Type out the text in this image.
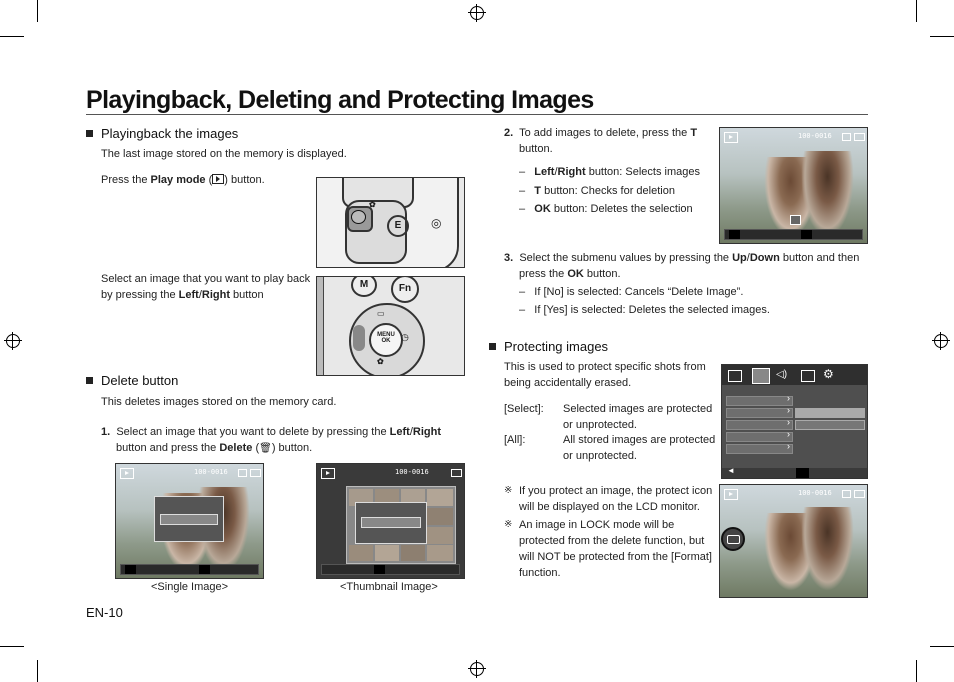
Playingback, Deleting and Protecting Images
Playingback the images
The last image stored on the memory is displayed.
Press the Play mode ( ) button.
✿
E	◎
Select an image that you want to play back
by pressing the Left/Right button
M	Fn
MENU
OK	◷
▭
✿
Delete button
This deletes images stored on the memory card.
1. Select an image that you want to delete by pressing the Left/Right
button and press the Delete (🗑) button.
100-0016	100-0016
<Single Image>	<Thumbnail Image>
EN-10
2. To add images to delete, press the T
button.
– Left/Right button: Selects images
– T button: Checks for deletion
– OK button: Deletes the selection
100-0016
3. Select the submenu values by pressing the Up/Down button and then
press the OK button.
– If [No] is selected: Cancels “Delete Image”.
– If [Yes] is selected: Deletes the selected images.
Protecting images
This is used to protect specific shots from
being accidentally erased.
[Select]: Selected images are protected
or unprotected.
[All]:	All stored images are protected
or unprotected.
◁)	⚙
›
›
›
›
›
◄
※ If you protect an image, the protect icon
will be displayed on the LCD monitor.
※ An image in LOCK mode will be
protected from the delete function, but
will NOT be protected from the [Format]
function.
100-0016
